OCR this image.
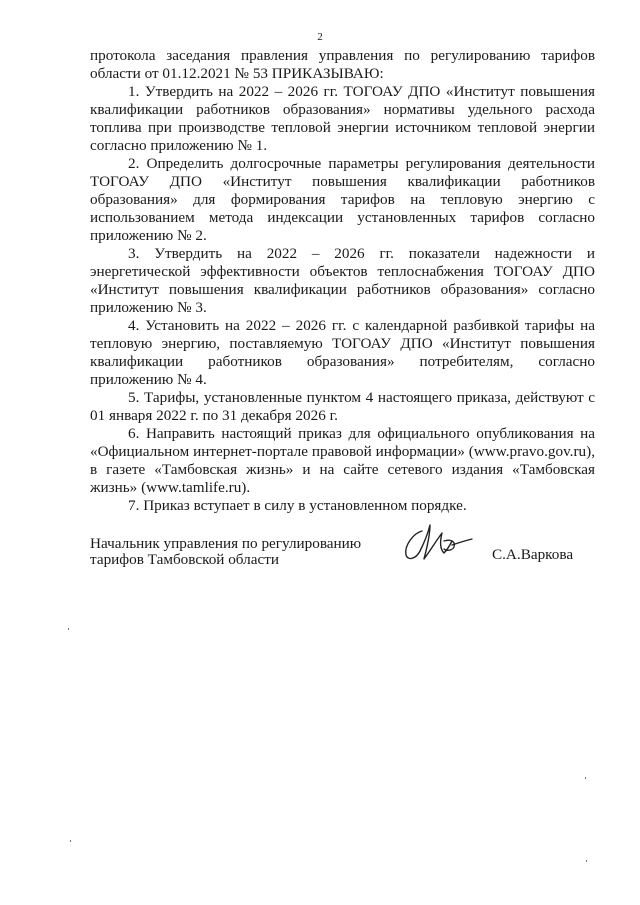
2

протокола заседания правления управления по регулированию тарифов области от 01.12.2021 № 53 ПРИКАЗЫВАЮ:

1. Утвердить на 2022 – 2026 гг. ТОГОАУ ДПО «Институт повышения квалификации работников образования» нормативы удельного расхода топлива при производстве тепловой энергии источником тепловой энергии согласно приложению № 1.

2. Определить долгосрочные параметры регулирования деятельности ТОГОАУ ДПО «Институт повышения квалификации работников образования» для формирования тарифов на тепловую энергию с использованием метода индексации установленных тарифов согласно приложению № 2.

3. Утвердить на 2022 – 2026 гг. показатели надежности и энергетической эффективности объектов теплоснабжения ТОГОАУ ДПО «Институт повышения квалификации работников образования» согласно приложению № 3.

4. Установить на 2022 – 2026 гг. с календарной разбивкой тарифы на тепловую энергию, поставляемую ТОГОАУ ДПО «Институт повышения квалификации работников образования» потребителям, согласно приложению № 4.

5. Тарифы, установленные пунктом 4 настоящего приказа, действуют с 01 января 2022 г. по 31 декабря 2026 г.

6. Направить настоящий приказ для официального опубликования на «Официальном интернет-портале правовой информации» (www.pravo.gov.ru), в газете «Тамбовская жизнь» и на сайте сетевого издания «Тамбовская жизнь» (www.tamlife.ru).

7. Приказ вступает в силу в установленном порядке.

Начальник управления по регулированию
тарифов Тамбовской области	С.А.Варкова
